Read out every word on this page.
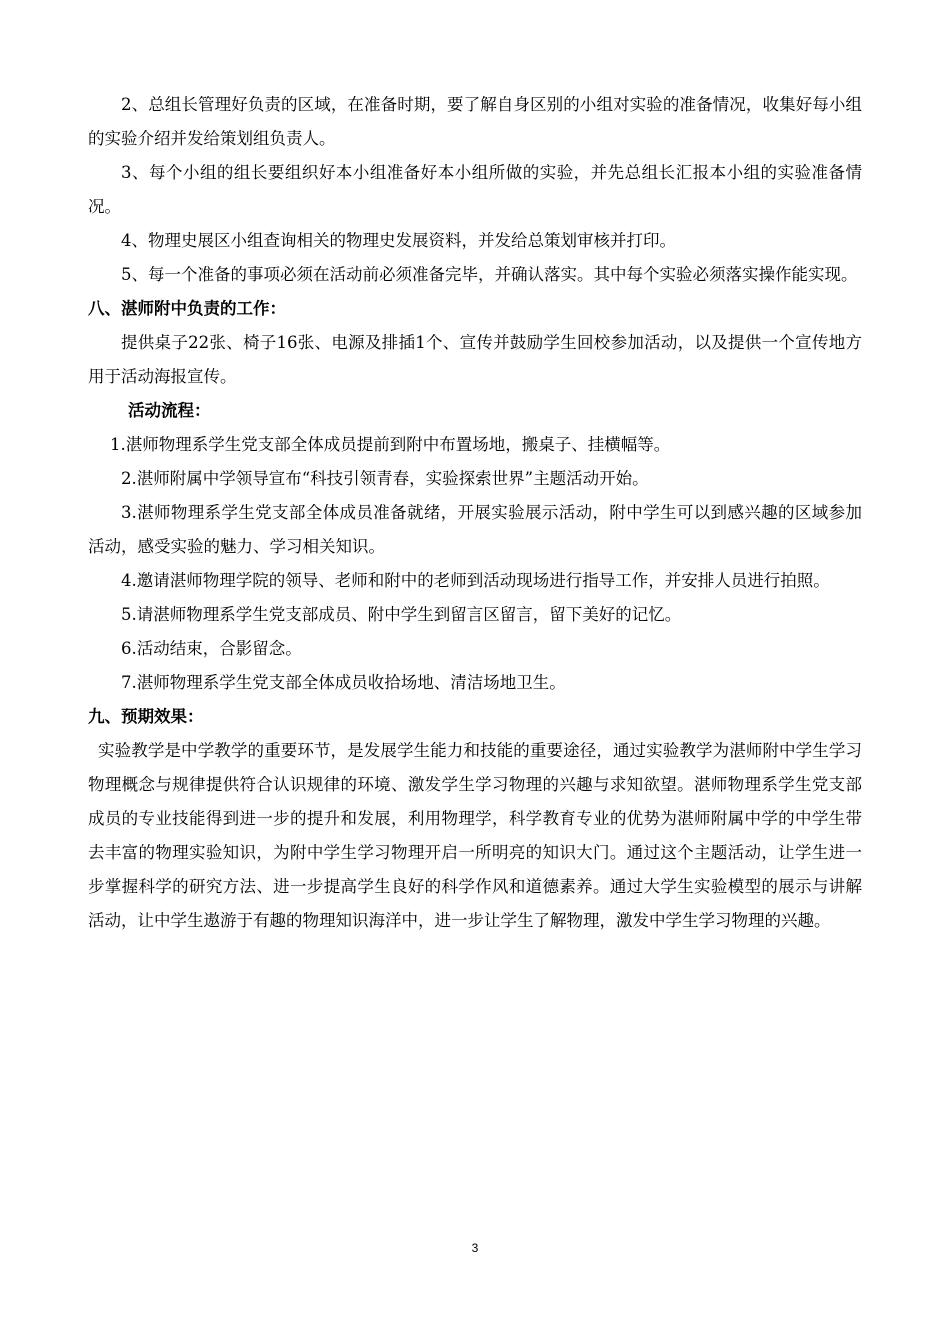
2、总组长管理好负责的区域，在准备时期，要了解自身区别的小组对实验的准备情况，收集好每小组的实验介绍并发给策划组负责人。

3、每个小组的组长要组织好本小组准备好本小组所做的实验，并先总组长汇报本小组的实验准备情况。

4、物理史展区小组查询相关的物理史发展资料，并发给总策划审核并打印。

5、每一个准备的事项必须在活动前必须准备完毕，并确认落实。其中每个实验必须落实操作能实现。

八、湛师附中负责的工作：

提供桌子22张、椅子16张、电源及排插1个、宣传并鼓励学生回校参加活动，以及提供一个宣传地方用于活动海报宣传。

活动流程：

1.湛师物理系学生党支部全体成员提前到附中布置场地，搬桌子、挂横幅等。

2.湛师附属中学领导宣布“科技引领青春，实验探索世界”主题活动开始。

3.湛师物理系学生党支部全体成员准备就绪，开展实验展示活动，附中学生可以到感兴趣的区域参加活动，感受实验的魅力、学习相关知识。

4.邀请湛师物理学院的领导、老师和附中的老师到活动现场进行指导工作，并安排人员进行拍照。

5.请湛师物理系学生党支部成员、附中学生到留言区留言，留下美好的记忆。

6.活动结束，合影留念。

7.湛师物理系学生党支部全体成员收拾场地、清洁场地卫生。

九、预期效果：

实验教学是中学教学的重要环节，是发展学生能力和技能的重要途径，通过实验教学为湛师附中学生学习物理概念与规律提供符合认识规律的环境、激发学生学习物理的兴趣与求知欲望。湛师物理系学生党支部成员的专业技能得到进一步的提升和发展，利用物理学，科学教育专业的优势为湛师附属中学的中学生带去丰富的物理实验知识，为附中学生学习物理开启一所明亮的知识大门。通过这个主题活动，让学生进一步掌握科学的研究方法、进一步提高学生良好的科学作风和道德素养。通过大学生实验模型的展示与讲解活动，让中学生遨游于有趣的物理知识海洋中，进一步让学生了解物理，激发中学生学习物理的兴趣。

3
